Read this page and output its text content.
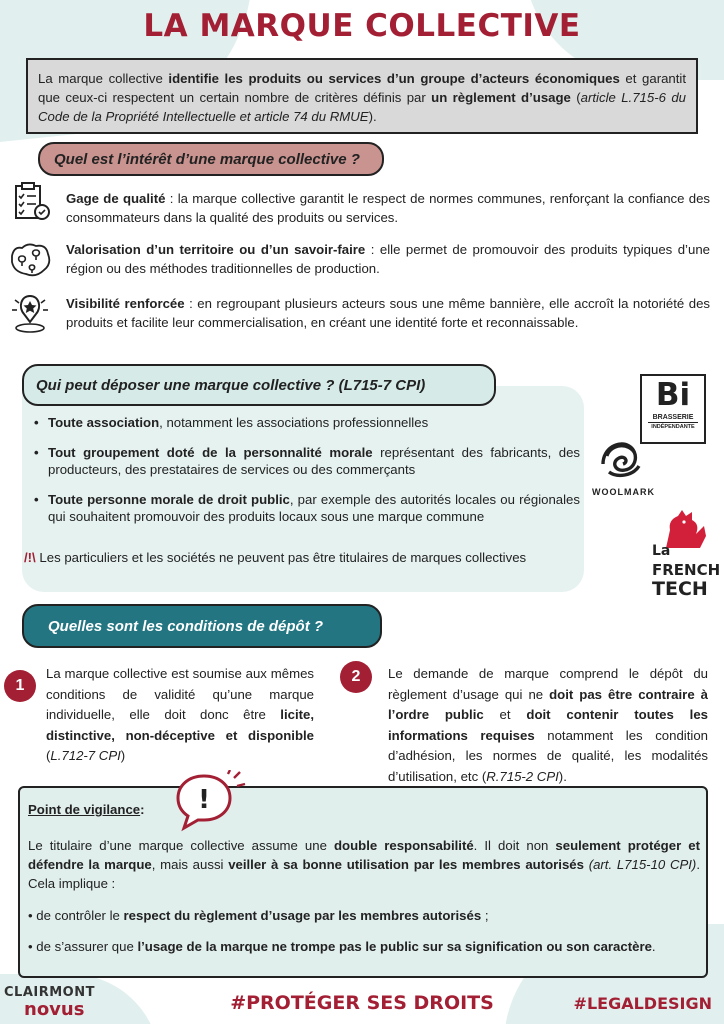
LA MARQUE COLLECTIVE
La marque collective identifie les produits ou services d’un groupe d’acteurs économiques et garantit que ceux-ci respectent un certain nombre de critères définis par un règlement d’usage (article L.715-6 du Code de la Propriété Intellectuelle et article 74 du RMUE).
Quel est l’intérêt d’une marque collective ?
Gage de qualité : la marque collective garantit le respect de normes communes, renforçant la confiance des consommateurs dans la qualité des produits ou services.
Valorisation d’un territoire ou d’un savoir-faire : elle permet de promouvoir des produits typiques d’une région ou des méthodes traditionnelles de production.
Visibilité renforcée : en regroupant plusieurs acteurs sous une même bannière, elle accroît la notoriété des produits et facilite leur commercialisation, en créant une identité forte et reconnaissable.
Qui peut déposer une marque collective ? (L715-7 CPI)
• Toute association, notamment les associations professionnelles
• Tout groupement doté de la personnalité morale représentant des fabricants, des producteurs, des prestataires de services ou des commerçants
• Toute personne morale de droit public, par exemple des autorités locales ou régionales qui souhaitent promouvoir des produits locaux sous une marque commune
/!\ Les particuliers et les sociétés ne peuvent pas être titulaires de marques collectives
Bi
BRASSERIE
INDÉPENDANTE
WOOLMARK
La
FRENCH
TECH
Quelles sont les conditions de dépôt ?
1
La marque collective est soumise aux mêmes conditions de validité qu’une marque individuelle, elle doit donc être licite, distinctive, non-déceptive et disponible (L.712-7 CPI)
2	Le demande de marque comprend le dépôt du règlement d’usage qui ne doit pas être contraire à l’ordre public et doit contenir toutes les informations requises notamment les condition d’adhésion, les normes de qualité, les modalités d’utilisation, etc (R.715-2 CPI).
Point de vigilance: !
Le titulaire d’une marque collective assume une double responsabilité. Il doit non seulement protéger et défendre la marque, mais aussi veiller à sa bonne utilisation par les membres autorisés (art. L715-10 CPI). Cela implique :
• de contrôler le respect du règlement d’usage par les membres autorisés ;
• de s’assurer que l’usage de la marque ne trompe pas le public sur sa signification ou son caractère.
CLAIRMONT
novus	#PROTÉGER SES DROITS	#LEGALDESIGN
